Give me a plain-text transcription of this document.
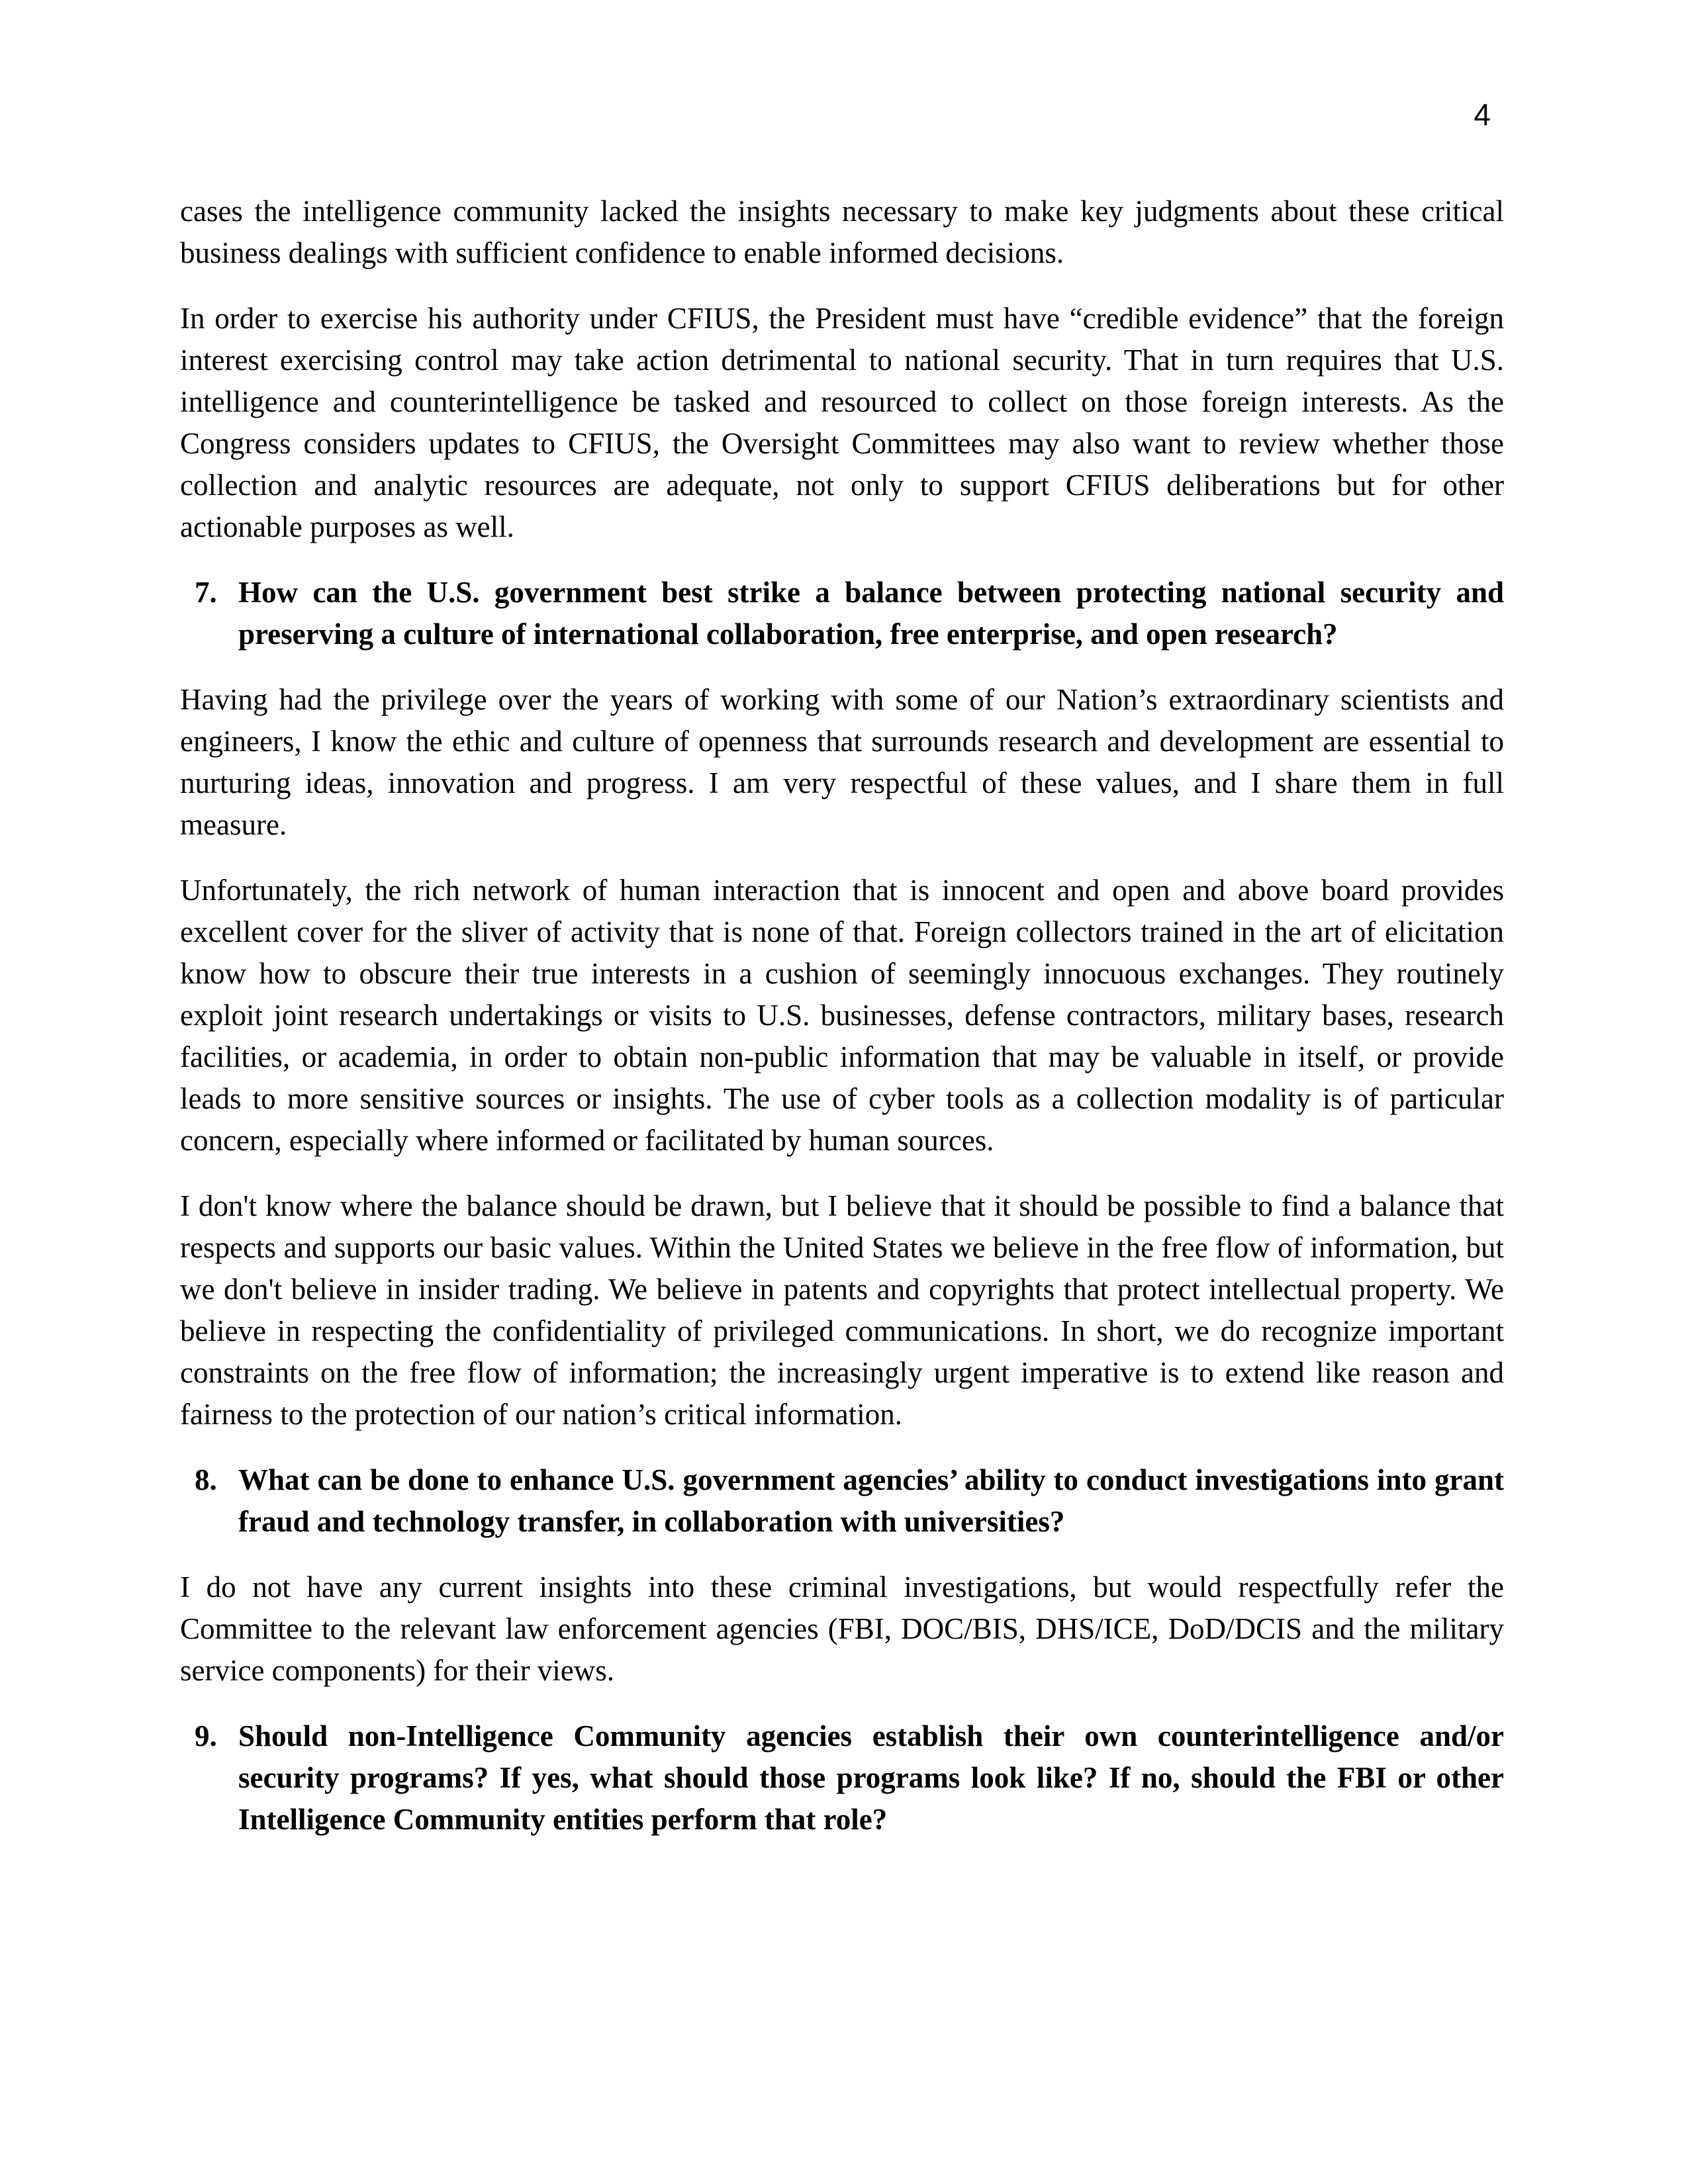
4
cases the intelligence community lacked the insights necessary to make key judgments about these critical business dealings with sufficient confidence to enable informed decisions.
In order to exercise his authority under CFIUS, the President must have “credible evidence” that the foreign interest exercising control may take action detrimental to national security. That in turn requires that U.S. intelligence and counterintelligence be tasked and resourced to collect on those foreign interests. As the Congress considers updates to CFIUS, the Oversight Committees may also want to review whether those collection and analytic resources are adequate, not only to support CFIUS deliberations but for other actionable purposes as well.
7. How can the U.S. government best strike a balance between protecting national security and preserving a culture of international collaboration, free enterprise, and open research?
Having had the privilege over the years of working with some of our Nation’s extraordinary scientists and engineers, I know the ethic and culture of openness that surrounds research and development are essential to nurturing ideas, innovation and progress. I am very respectful of these values, and I share them in full measure.
Unfortunately, the rich network of human interaction that is innocent and open and above board provides excellent cover for the sliver of activity that is none of that. Foreign collectors trained in the art of elicitation know how to obscure their true interests in a cushion of seemingly innocuous exchanges. They routinely exploit joint research undertakings or visits to U.S. businesses, defense contractors, military bases, research facilities, or academia, in order to obtain non-public information that may be valuable in itself, or provide leads to more sensitive sources or insights. The use of cyber tools as a collection modality is of particular concern, especially where informed or facilitated by human sources.
I don't know where the balance should be drawn, but I believe that it should be possible to find a balance that respects and supports our basic values. Within the United States we believe in the free flow of information, but we don't believe in insider trading. We believe in patents and copyrights that protect intellectual property. We believe in respecting the confidentiality of privileged communications. In short, we do recognize important constraints on the free flow of information; the increasingly urgent imperative is to extend like reason and fairness to the protection of our nation’s critical information.
8. What can be done to enhance U.S. government agencies’ ability to conduct investigations into grant fraud and technology transfer, in collaboration with universities?
I do not have any current insights into these criminal investigations, but would respectfully refer the Committee to the relevant law enforcement agencies (FBI, DOC/BIS, DHS/ICE, DoD/DCIS and the military service components) for their views.
9. Should non-Intelligence Community agencies establish their own counterintelligence and/or security programs? If yes, what should those programs look like? If no, should the FBI or other Intelligence Community entities perform that role?
